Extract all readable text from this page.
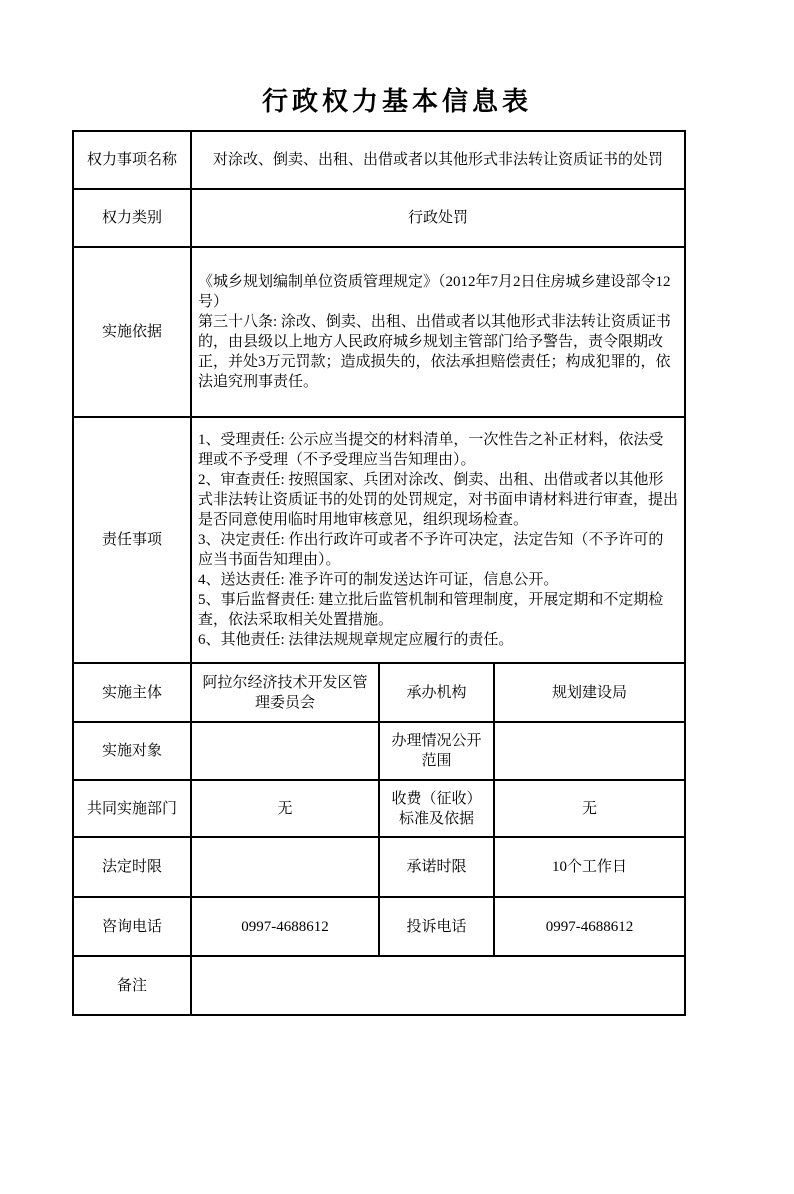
行政权力基本信息表
权力事项名称	对涂改、倒卖、出租、出借或者以其他形式非法转让资质证书的处罚		
权力类别	行政处罚		
实施依据	《城乡规划编制单位资质管理规定》（2012年7月2日住房城乡建设部令12号）
第三十八条: 涂改、倒卖、出租、出借或者以其他形式非法转让资质证书的，由县级以上地方人民政府城乡规划主管部门给予警告，责令限期改正，并处3万元罚款；造成损失的，依法承担赔偿责任；构成犯罪的，依法追究刑事责任。		

责任事项	
1、受理责任: 公示应当提交的材料清单，一次性告之补正材料，依法受理或不予受理（不予受理应当告知理由）。
2、审查责任: 按照国家、兵团对涂改、倒卖、出租、出借或者以其他形式非法转让资质证书的处罚的处罚规定，对书面申请材料进行审查，提出是否同意使用临时用地审核意见，组织现场检查。
3、决定责任: 作出行政许可或者不予许可决定，法定告知（不予许可的应当书面告知理由）。
4、送达责任: 准予许可的制发送达许可证，信息公开。
5、事后监督责任: 建立批后监管机制和管理制度，开展定期和不定期检查，依法采取相关处置措施。
6、其他责任: 法律法规规章规定应履行的责任。

实施主体	阿拉尔经济技术开发区管理委员会	承办机构	规划建设局
实施对象		办理情况公开范围	
共同实施部门	无	收费（征收）标准及依据	无
法定时限		承诺时限	10个工作日
咨询电话	0997-4688612	投诉电话	0997-4688612
备注			
